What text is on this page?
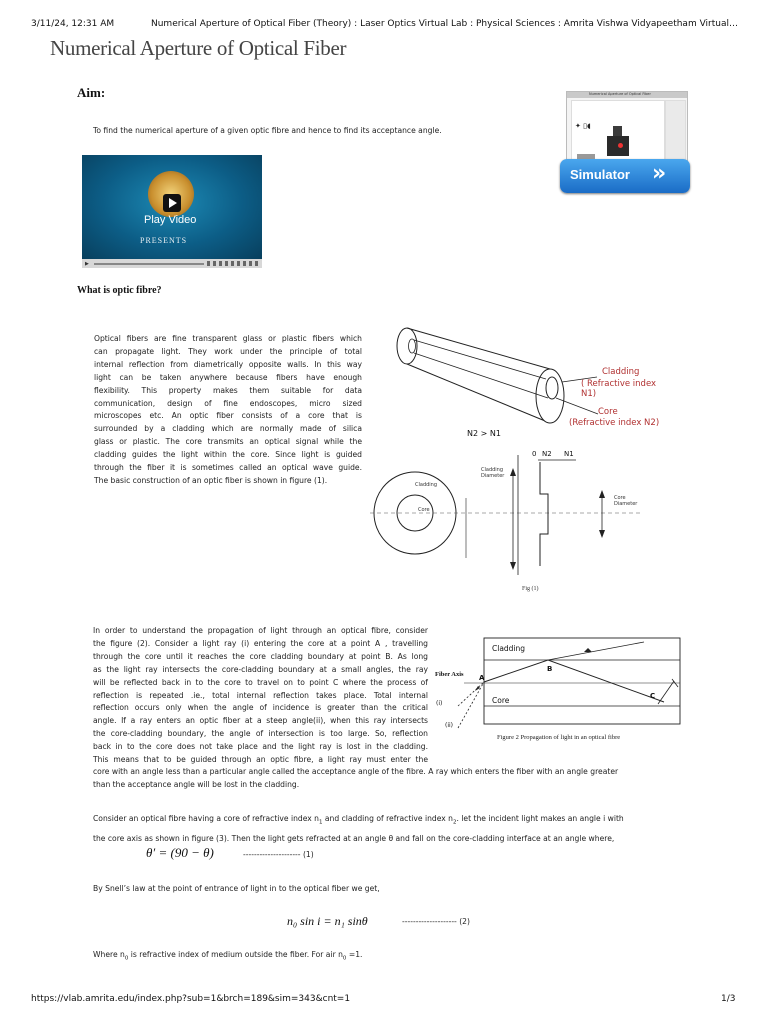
3/11/24, 12:31 AM	Numerical Aperture of Optical Fiber (Theory) : Laser Optics Virtual Lab : Physical Sciences : Amrita Vishwa Vidyapeetham Virtual…
Numerical Aperture of Optical Fiber
Aim:
To find the numerical aperture of a given optic fibre and hence to find its acceptance angle.
Numerical Aperture of Optical Fiber
✦ ▯◖
Simulator »
Play Video
PRESENTS
▶
What is optic fibre?
Optical fibers are fine transparent glass or plastic fibers which
can propagate light. They work under the principle of total
internal reflection from diametrically opposite walls. In this way
light can be taken anywhere because fibers have enough
flexibility. This property makes them suitable for data
communication, design of fine endoscopes, micro sized
microscopes etc. An optic fiber consists of a core that is
surrounded by a cladding which are normally made of silica
glass or plastic. The core transmits an optical signal while the
cladding guides the light within the core. Since light is guided
through the fiber it is sometimes called an optical wave guide.
The basic construction of an optic fiber is shown in figure (1).
Cladding
( Refractive index N1)
Core
(Refractive index N2)
N2 > N1
0 N2 N1
Cladding
Diameter
Core
Diameter
Cladding
Core
Fig (1)
In order to understand the propagation of light through an optical fibre, consider
the figure (2). Consider a light ray (i) entering the core at a point A , travelling
through the core until it reaches the core cladding boundary at point B. As long
as the light ray intersects the core-cladding boundary at a small angles, the ray
will be reflected back in to the core to travel on to point C where the process of
reflection is repeated .ie., total internal reflection takes place. Total internal
reflection occurs only when the angle of incidence is greater than the critical
angle. If a ray enters an optic fiber at a steep angle(ii), when this ray intersects
the core-cladding boundary, the angle of intersection is too large. So, reflection
back in to the core does not take place and the light ray is lost in the cladding.
This means that to be guided through an optic fibre, a light ray must enter the
core with an angle less than a particular angle called the acceptance angle of the fibre. A ray which enters the fiber with an angle greater
than the acceptance angle will be lost in the cladding.
Cladding
Core
Fiber Axis A
B
C
(i)
(ii)
Figure 2 Propagation of light in an optical fibre
Consider an optical fibre having a core of refractive index $n_1$ and cladding of refractive index $n_2$. let the incident light makes an angle i with
the core axis as shown in figure (3). Then the light gets refracted at an angle θ and fall on the core-cladding interface at an angle where,
θ′ = (90 − θ)	--------------------- (1)
By Snell’s law at the point of entrance of light in to the optical fiber we get,
n₀ sin i = n₁ sinθ	-------------------- (2)
Where $n_0$ is refractive index of medium outside the fiber. For air $n_0 =1$.
https://vlab.amrita.edu/index.php?sub=1&brch=189&sim=343&cnt=1	1/3
